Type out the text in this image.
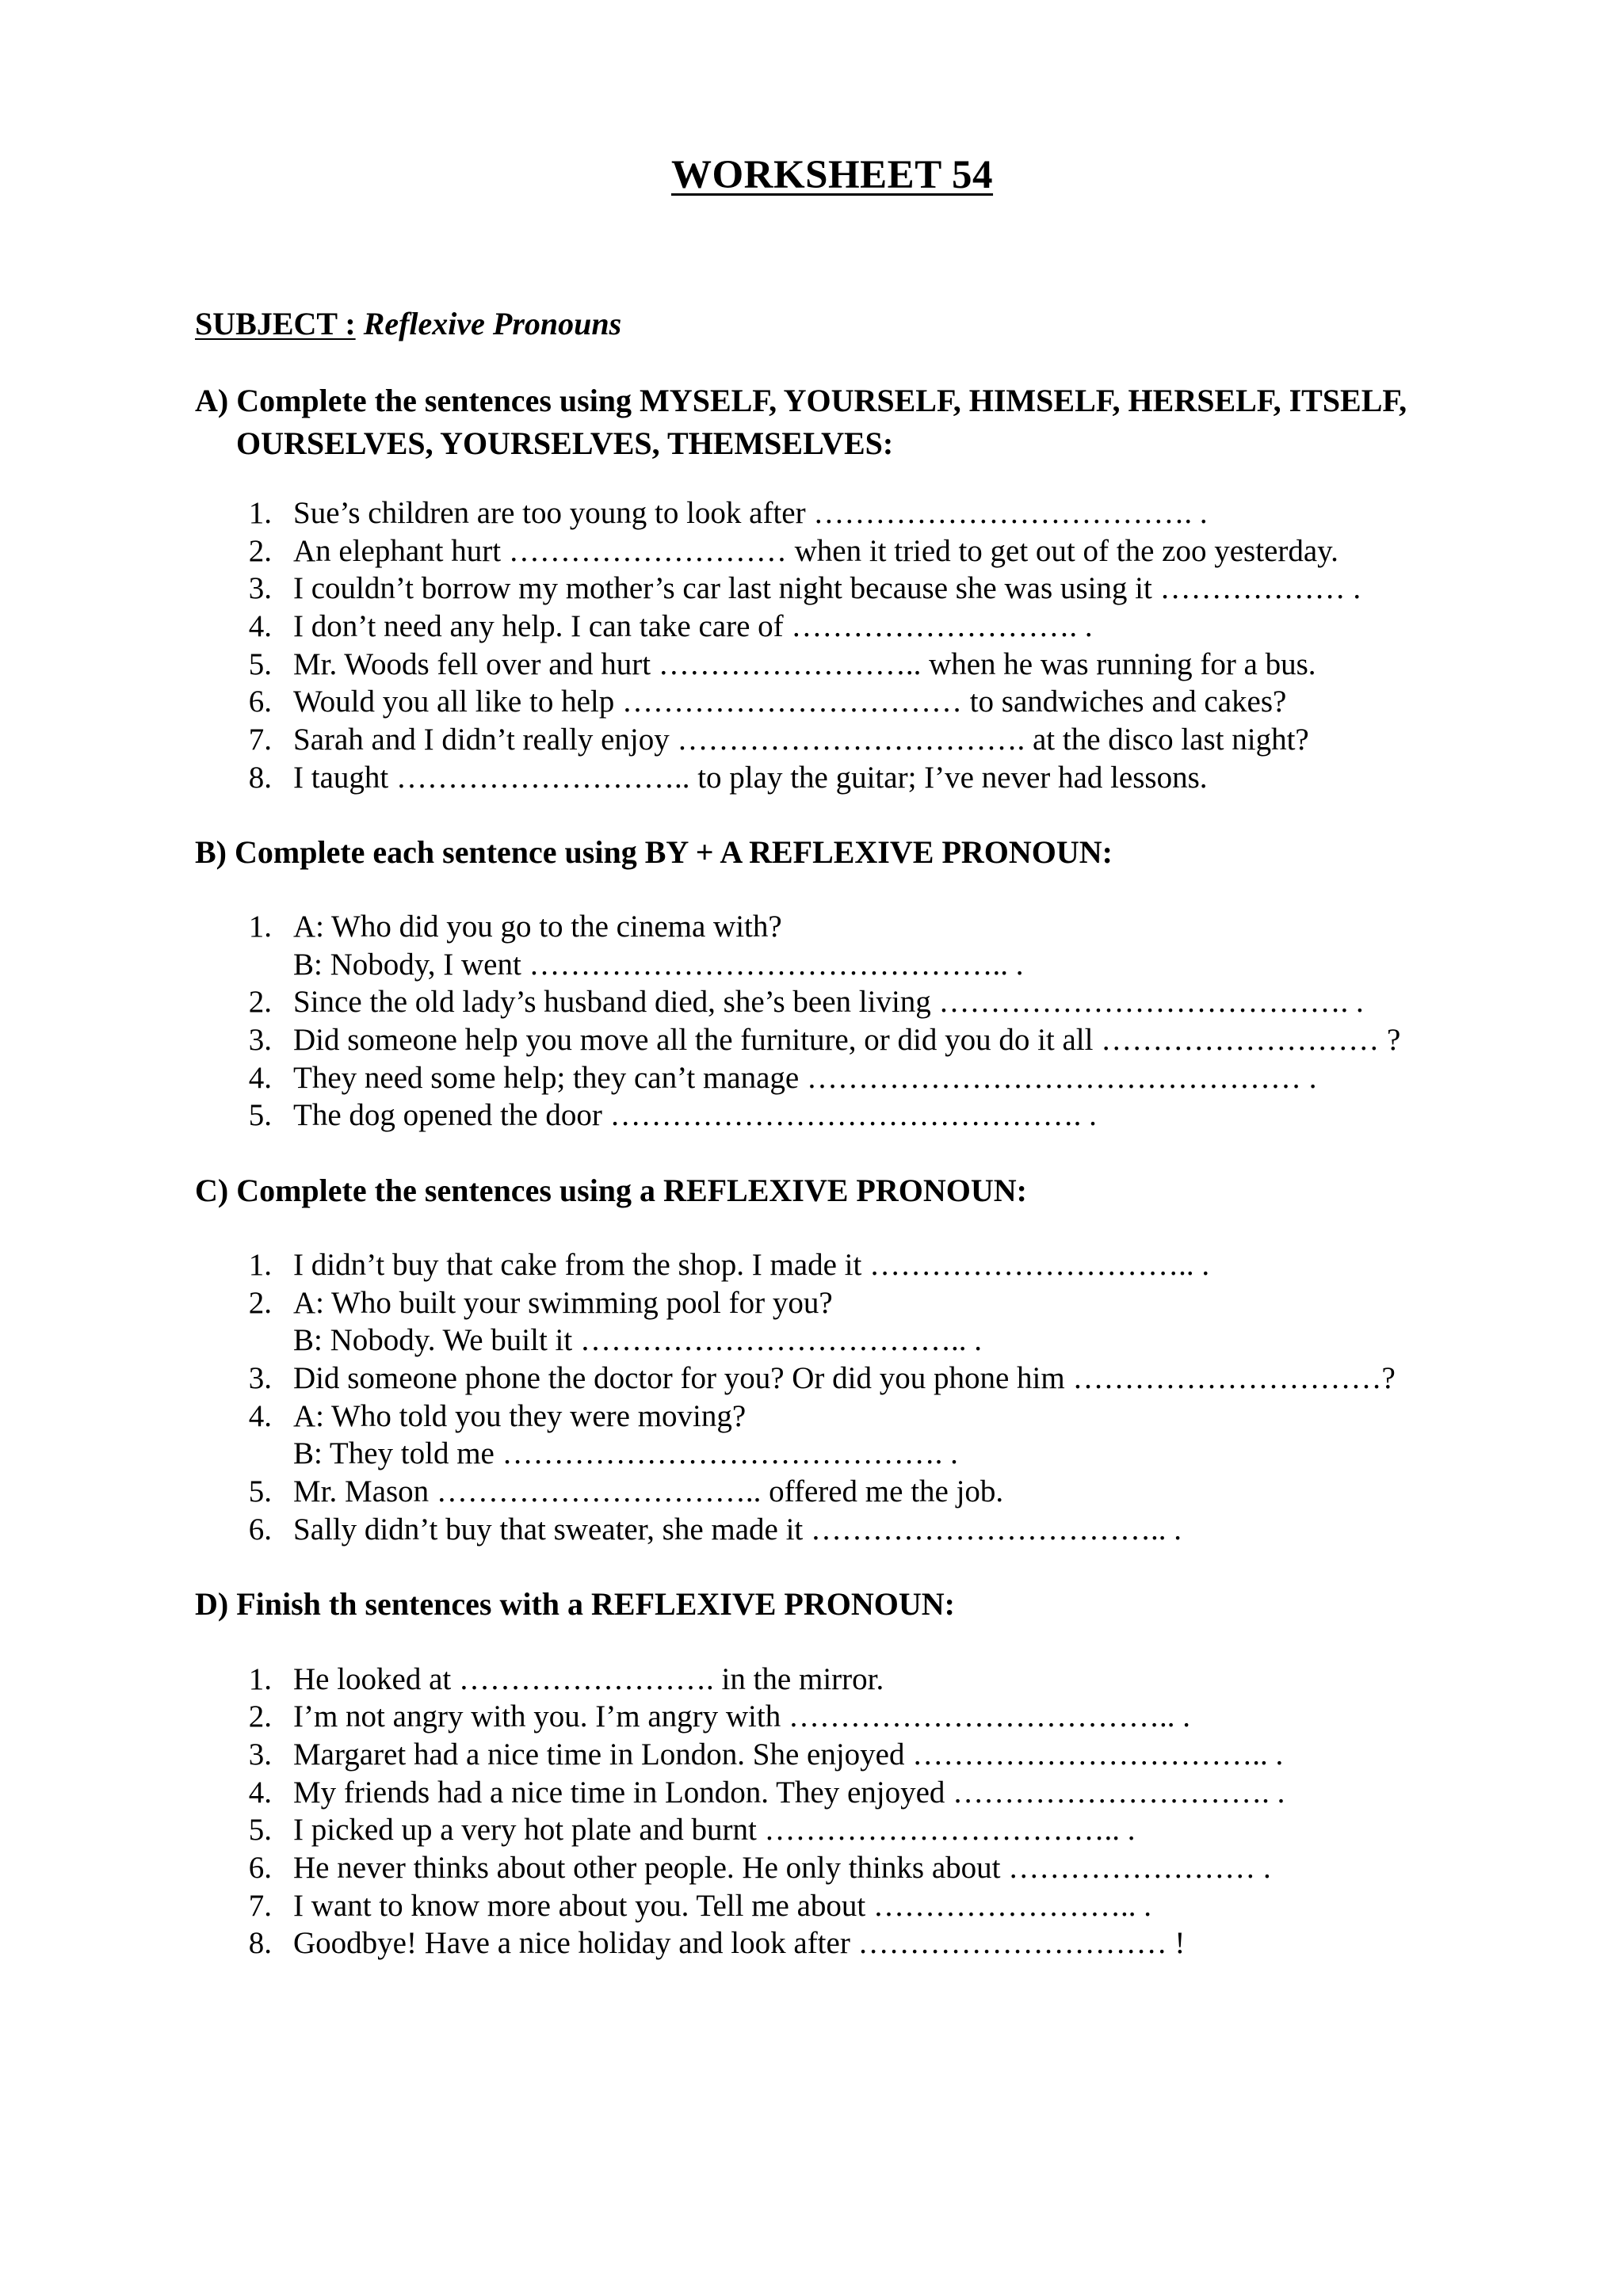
WORKSHEET 54
SUBJECT : Reflexive Pronouns
A) Complete the sentences using MYSELF, YOURSELF, HIMSELF, HERSELF, ITSELF,
OURSELVES, YOURSELVES, THEMSELVES:
1. Sue’s children are too young to look after ………………………………. .
2. An elephant hurt ……………………… when it tried to get out of the zoo yesterday.
3. I couldn’t borrow my mother’s car last night because she was using it ……………… .
4. I don’t need any help. I can take care of ………………………. .
5. Mr. Woods fell over and hurt …………………….. when he was running for a bus.
6. Would you all like to help …………………………… to sandwiches and cakes?
7. Sarah and I didn’t really enjoy ……………………………. at the disco last night?
8. I taught ……………………….. to play the guitar; I’ve never had lessons.
B) Complete each sentence using BY + A REFLEXIVE PRONOUN:
1. A: Who did you go to the cinema with?
B: Nobody, I went ……………………………………….. .
2. Since the old lady’s husband died, she’s been living …………………………………. .
3. Did someone help you move all the furniture, or did you do it all ……………………… ?
4. They need some help; they can’t manage ………………………………………… .
5. The dog opened the door ………………………………………. .
C) Complete the sentences using a REFLEXIVE PRONOUN:
1. I didn’t buy that cake from the shop. I made it ………………………….. .
2. A: Who built your swimming pool for you?
B: Nobody. We built it ……………………………….. .
3. Did someone phone the doctor for you? Or did you phone him …………………………?
4. A: Who told you they were moving?
B: They told me ……………………………………. .
5. Mr. Mason ………………………….. offered me the job.
6. Sally didn’t buy that sweater, she made it …………………………….. .
D) Finish th sentences with a REFLEXIVE PRONOUN:
1. He looked at ……………………. in the mirror.
2. I’m not angry with you. I’m angry with ……………………………….. .
3. Margaret had a nice time in London. She enjoyed …………………………….. .
4. My friends had a nice time in London. They enjoyed …………………………. .
5. I picked up a very hot plate and burnt …………………………….. .
6. He never thinks about other people. He only thinks about …………………… .
7. I want to know more about you. Tell me about …………………….. .
8. Goodbye! Have a nice holiday and look after ………………………… !
